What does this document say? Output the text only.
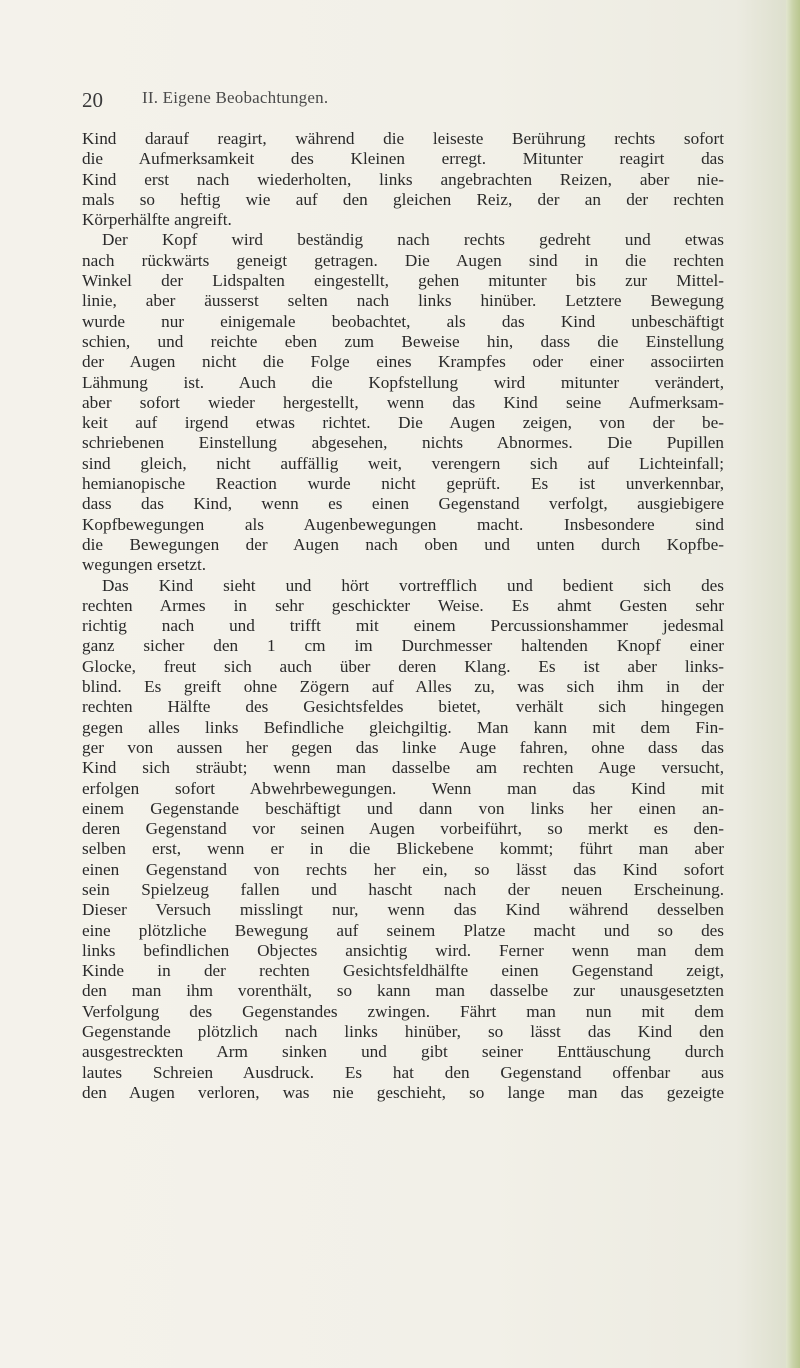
20 II. Eigene Beobachtungen.
Kind darauf reagirt, während die leiseste Berührung rechts sofort
die Aufmerksamkeit des Kleinen erregt. Mitunter reagirt das
Kind erst nach wiederholten, links angebrachten Reizen, aber nie-
mals so heftig wie auf den gleichen Reiz, der an der rechten
Körperhälfte angreift.
Der Kopf wird beständig nach rechts gedreht und etwas
nach rückwärts geneigt getragen. Die Augen sind in die rechten
Winkel der Lidspalten eingestellt, gehen mitunter bis zur Mittel-
linie, aber äusserst selten nach links hinüber. Letztere Bewegung
wurde nur einigemale beobachtet, als das Kind unbeschäftigt
schien, und reichte eben zum Beweise hin, dass die Einstellung
der Augen nicht die Folge eines Krampfes oder einer associirten
Lähmung ist. Auch die Kopfstellung wird mitunter verändert,
aber sofort wieder hergestellt, wenn das Kind seine Aufmerksam-
keit auf irgend etwas richtet. Die Augen zeigen, von der be-
schriebenen Einstellung abgesehen, nichts Abnormes. Die Pupillen
sind gleich, nicht auffällig weit, verengern sich auf Lichteinfall;
hemianopische Reaction wurde nicht geprüft. Es ist unverkennbar,
dass das Kind, wenn es einen Gegenstand verfolgt, ausgiebigere
Kopfbewegungen als Augenbewegungen macht. Insbesondere sind
die Bewegungen der Augen nach oben und unten durch Kopfbe-
wegungen ersetzt.
Das Kind sieht und hört vortrefflich und bedient sich des
rechten Armes in sehr geschickter Weise. Es ahmt Gesten sehr
richtig nach und trifft mit einem Percussionshammer jedesmal
ganz sicher den 1 cm im Durchmesser haltenden Knopf einer
Glocke, freut sich auch über deren Klang. Es ist aber links-
blind. Es greift ohne Zögern auf Alles zu, was sich ihm in der
rechten Hälfte des Gesichtsfeldes bietet, verhält sich hingegen
gegen alles links Befindliche gleichgiltig. Man kann mit dem Fin-
ger von aussen her gegen das linke Auge fahren, ohne dass das
Kind sich sträubt; wenn man dasselbe am rechten Auge versucht,
erfolgen sofort Abwehrbewegungen. Wenn man das Kind mit
einem Gegenstande beschäftigt und dann von links her einen an-
deren Gegenstand vor seinen Augen vorbeiführt, so merkt es den-
selben erst, wenn er in die Blickebene kommt; führt man aber
einen Gegenstand von rechts her ein, so lässt das Kind sofort
sein Spielzeug fallen und hascht nach der neuen Erscheinung.
Dieser Versuch misslingt nur, wenn das Kind während desselben
eine plötzliche Bewegung auf seinem Platze macht und so des
links befindlichen Objectes ansichtig wird. Ferner wenn man dem
Kinde in der rechten Gesichtsfeldhälfte einen Gegenstand zeigt,
den man ihm vorenthält, so kann man dasselbe zur unausgesetzten
Verfolgung des Gegenstandes zwingen. Fährt man nun mit dem
Gegenstande plötzlich nach links hinüber, so lässt das Kind den
ausgestreckten Arm sinken und gibt seiner Enttäuschung durch
lautes Schreien Ausdruck. Es hat den Gegenstand offenbar aus
den Augen verloren, was nie geschieht, so lange man das gezeigte
